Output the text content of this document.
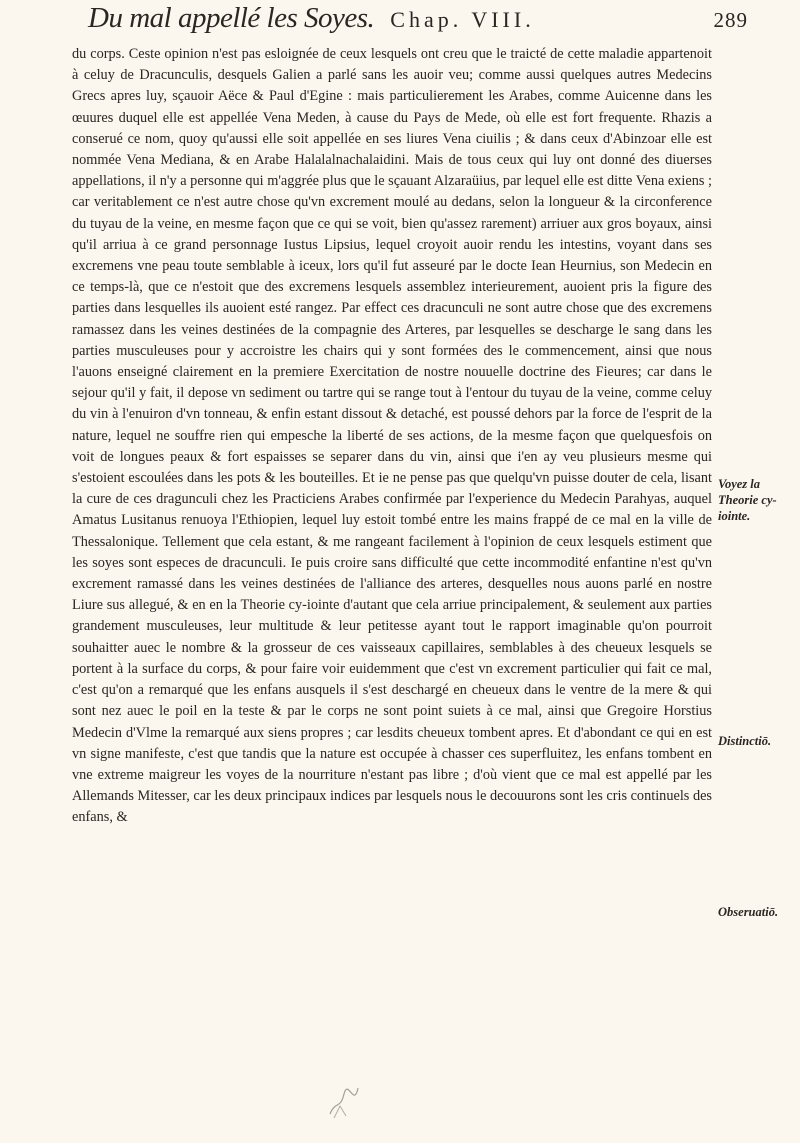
Du mal appellé les Soyes. Chap. VIII.	289

du corps. Ceste opinion n'est pas esloignée de ceux lesquels ont creu que le traicté de cette maladie appartenoit à celuy de Dracunculis, desquels Galien a parlé sans les auoir veu; comme aussi quelques autres Medecins Grecs apres luy, sçauoir Aëce & Paul d'Egine : mais particulierement les Arabes, comme Auicenne dans les œuures duquel elle est appellée Vena Meden, à cause du Pays de Mede, où elle est fort frequente. Rhazis a conserué ce nom, quoy qu'aussi elle soit appellée en ses liures Vena ciuilis ; & dans ceux d'Abinzoar elle est nommée Vena Mediana, & en Arabe Halalalnachalaidini. Mais de tous ceux qui luy ont donné des diuerses appellations, il n'y a personne qui m'aggrée plus que le sçauant Alzaraüius, par lequel elle est ditte Vena exiens ; car veritablement ce n'est autre chose qu'vn excrement moulé au dedans, selon la longueur & la circonference du tuyau de la veine, en mesme façon que ce qui se voit, bien qu'assez rarement) arriuer aux gros boyaux, ainsi qu'il arriua à ce grand personnage Iustus Lipsius, lequel croyoit auoir rendu les intestins, voyant dans ses excremens vne peau toute semblable à iceux, lors qu'il fut asseuré par le docte Iean Heurnius, son Medecin en ce temps-là, que ce n'estoit que des excremens lesquels assemblez interieurement, auoient pris la figure des parties dans lesquelles ils auoient esté rangez. Par effect ces dracunculi ne sont autre chose que des excremens ramassez dans les veines destinées de la compagnie des Arteres, par lesquelles se descharge le sang dans les parties musculeuses pour y accroistre les chairs qui y sont formées des le commencement, ainsi que nous l'auons enseigné clairement en la premiere Exercitation de nostre nouuelle doctrine des Fieures; car dans le sejour qu'il y fait, il depose vn sediment ou tartre qui se range tout à l'entour du tuyau de la veine, comme celuy du vin à l'enuiron d'vn tonneau, & enfin estant dissout & detaché, est poussé dehors par la force de l'esprit de la nature, lequel ne souffre rien qui empesche la liberté de ses actions, de la mesme façon que quelquesfois on voit de longues peaux & fort espaisses se separer dans du vin, ainsi que i'en ay veu plusieurs mesme qui s'estoient escoulées dans les pots & les bouteilles. Et ie ne pense pas que quelqu'vn puisse douter de cela, lisant la cure de ces dragunculi chez les Practiciens Arabes confirmée par l'experience du Medecin Parahyas, auquel Amatus Lusitanus renuoya l'Ethiopien, lequel luy estoit tombé entre les mains frappé de ce mal en la ville de Thessalonique. Tellement que cela estant, & me rangeant facilement à l'opinion de ceux lesquels estiment que les soyes sont especes de dracunculi. Ie puis croire sans difficulté que cette incommodité enfantine n'est qu'vn excrement ramassé dans les veines destinées de l'alliance des arteres, desquelles nous auons parlé en nostre Liure sus allegué, & en en la Theorie cy-iointe d'autant que cela arriue principalement, & seulement aux parties grandement musculeuses, leur multitude & leur petitesse ayant tout le rapport imaginable qu'on pourroit souhaitter auec le nombre & la grosseur de ces vaisseaux capillaires, semblables à des cheueux lesquels se portent à la surface du corps, & pour faire voir euidemment que c'est vn excrement particulier qui fait ce mal, c'est qu'on a remarqué que les enfans ausquels il s'est deschargé en cheueux dans le ventre de la mere & qui sont nez auec le poil en la teste & par le corps ne sont point suiets à ce mal, ainsi que Gregoire Horstius Medecin d'Vlme la remarqué aux siens propres ; car lesdits cheueux tombent apres. Et d'abondant ce qui en est vn signe manifeste, c'est que tandis que la nature est occupée à chasser ces superfluitez, les enfans tombent en vne extreme maigreur les voyes de la nourriture n'estant pas libre ; d'où vient que ce mal est appellé par les Allemands Mitesser, car les deux principaux indices par lesquels nous le decouurons sont les cris continuels des enfans, &

Voyez la Theorie cy-iointe.
Distinctiō.
Obseruatiō.
